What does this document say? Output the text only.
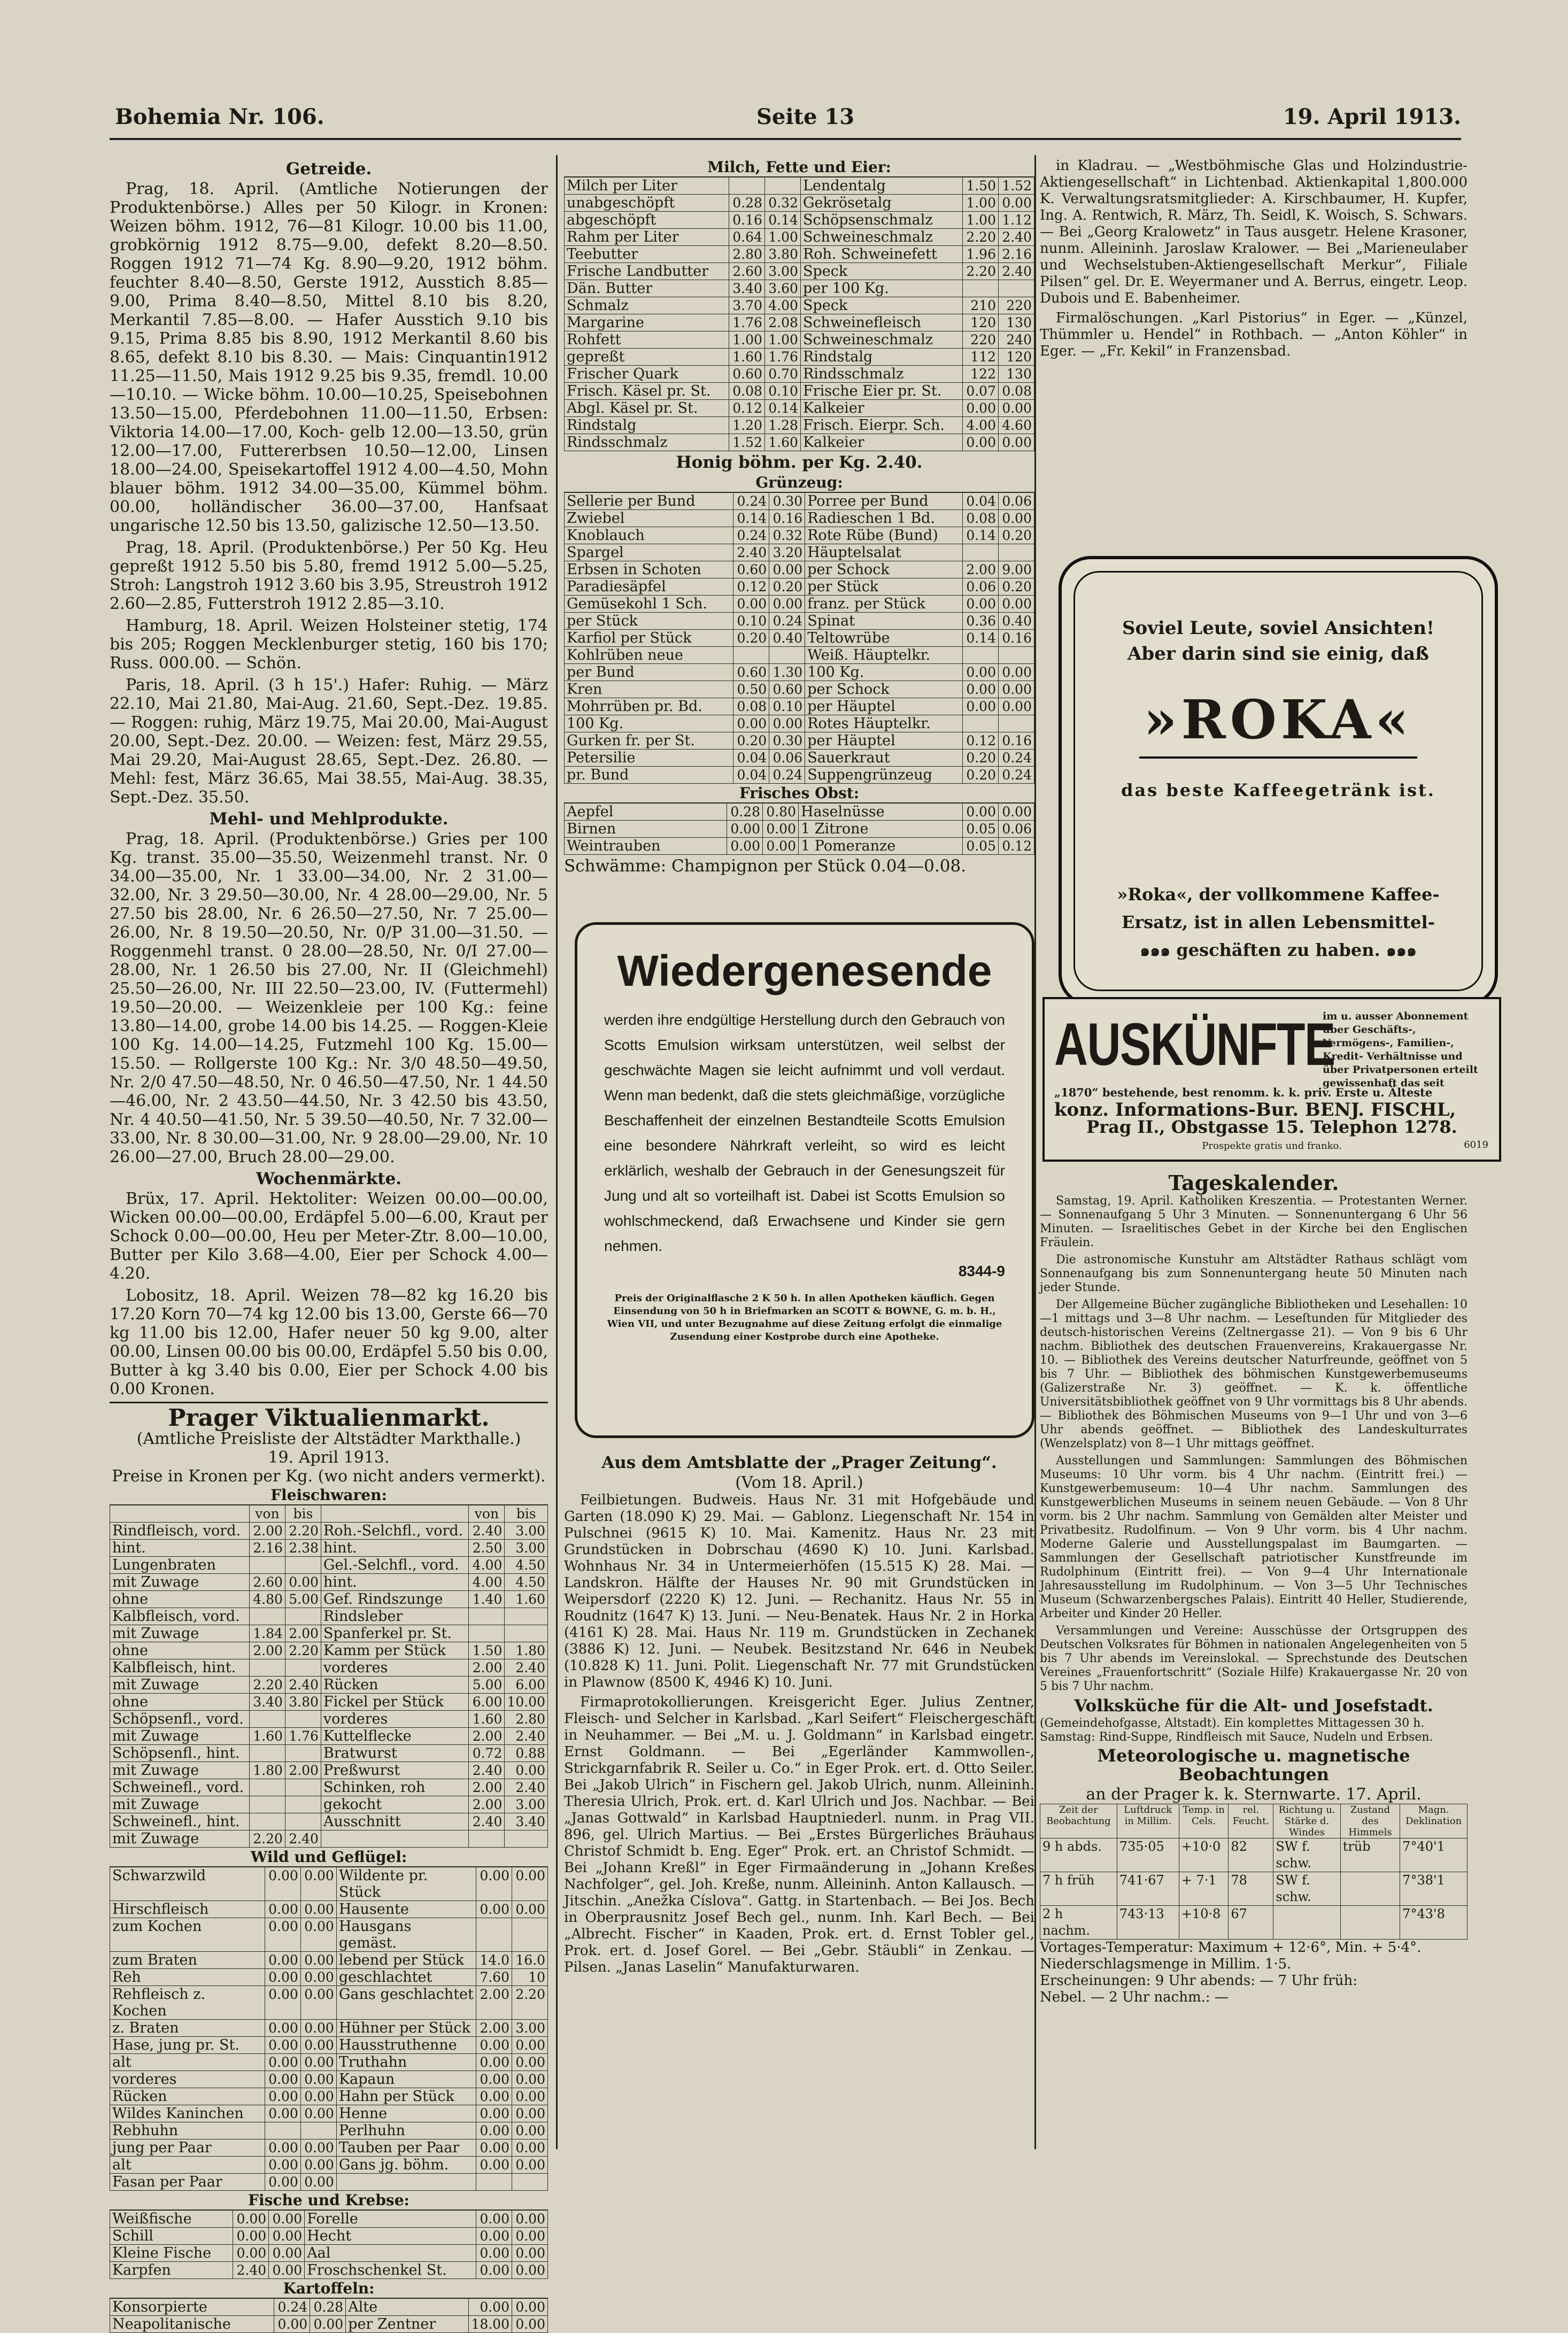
Bohemia Nr. 106.	Seite 13	19. April 1913.
Getreide.

Prag, 18. April. (Amtliche Notierungen der Produktenbörse.) Alles per 50 Kilogr. in Kronen: Weizen böhm. 1912, 76—81 Kilogr. 10.00 bis 11.00, grobkörnig 1912 8.75—9.00, defekt 8.20—8.50. Roggen 1912 71—74 Kg. 8.90—9.20, 1912 böhm. feuchter 8.40—8.50, Gerste 1912, Ausstich 8.85—9.00, Prima 8.40—8.50, Mittel 8.10 bis 8.20, Merkantil 7.85—8.00. — Hafer Ausstich 9.10 bis 9.15, Prima 8.85 bis 8.90, 1912 Merkantil 8.60 bis 8.65, defekt 8.10 bis 8.30. — Mais: Cinquantin1912 11.25—11.50, Mais 1912 9.25 bis 9.35, fremdl. 10.00—10.10. — Wicke böhm. 10.00—10.25, Speisebohnen 13.50—15.00, Pferdebohnen 11.00—11.50, Erbsen: Viktoria 14.00—17.00, Koch- gelb 12.00—13.50, grün 12.00—17.00, Futtererbsen 10.50—12.00, Linsen 18.00—24.00, Speisekartoffel 1912 4.00—4.50, Mohn blauer böhm. 1912 34.00—35.00, Kümmel böhm. 00.00, holländischer 36.00—37.00, Hanfsaat ungarische 12.50 bis 13.50, galizische 12.50—13.50.

Prag, 18. April. (Produktenbörse.) Per 50 Kg. Heu gepreßt 1912 5.50 bis 5.80, fremd 1912 5.00—5.25, Stroh: Langstroh 1912 3.60 bis 3.95, Streustroh 1912 2.60—2.85, Futterstroh 1912 2.85—3.10.

Hamburg, 18. April. Weizen Holsteiner stetig, 174 bis 205; Roggen Mecklenburger stetig, 160 bis 170; Russ. 000.00. — Schön.

Paris, 18. April. (3 h 15'.) Hafer: Ruhig. — März 22.10, Mai 21.80, Mai-Aug. 21.60, Sept.-Dez. 19.85. — Roggen: ruhig, März 19.75, Mai 20.00, Mai-August 20.00, Sept.-Dez. 20.00. — Weizen: fest, März 29.55, Mai 29.20, Mai-August 28.65, Sept.-Dez. 26.80. — Mehl: fest, März 36.65, Mai 38.55, Mai-Aug. 38.35, Sept.-Dez. 35.50.

Mehl- und Mehlprodukte.

Prag, 18. April. (Produktenbörse.) Gries per 100 Kg. transt. 35.00—35.50, Weizenmehl transt. Nr. 0 34.00—35.00, Nr. 1 33.00—34.00, Nr. 2 31.00—32.00, Nr. 3 29.50—30.00, Nr. 4 28.00—29.00, Nr. 5 27.50 bis 28.00, Nr. 6 26.50—27.50, Nr. 7 25.00—26.00, Nr. 8 19.50—20.50, Nr. 0/P 31.00—31.50. — Roggenmehl transt. 0 28.00—28.50, Nr. 0/I 27.00—28.00, Nr. 1 26.50 bis 27.00, Nr. II (Gleichmehl) 25.50—26.00, Nr. III 22.50—23.00, IV. (Futtermehl) 19.50—20.00. — Weizenkleie per 100 Kg.: feine 13.80—14.00, grobe 14.00 bis 14.25. — Roggen-Kleie 100 Kg. 14.00—14.25, Futzmehl 100 Kg. 15.00—15.50. — Rollgerste 100 Kg.: Nr. 3/0 48.50—49.50, Nr. 2/0 47.50—48.50, Nr. 0 46.50—47.50, Nr. 1 44.50—46.00, Nr. 2 43.50—44.50, Nr. 3 42.50 bis 43.50, Nr. 4 40.50—41.50, Nr. 5 39.50—40.50, Nr. 7 32.00—33.00, Nr. 8 30.00—31.00, Nr. 9 28.00—29.00, Nr. 10 26.00—27.00, Bruch 28.00—29.00.

Wochenmärkte.

Brüx, 17. April. Hektoliter: Weizen 00.00—00.00, Wicken 00.00—00.00, Erdäpfel 5.00—6.00, Kraut per Schock 0.00—00.00, Heu per Meter-Ztr. 8.00—10.00, Butter per Kilo 3.68—4.00, Eier per Schock 4.00—4.20.

Lobositz, 18. April. Weizen 78—82 kg 16.20 bis 17.20 Korn 70—74 kg 12.00 bis 13.00, Gerste 66—70 kg 11.00 bis 12.00, Hafer neuer 50 kg 9.00, alter 00.00, Linsen 00.00 bis 00.00, Erdäpfel 5.50 bis 0.00, Butter à kg 3.40 bis 0.00, Eier per Schock 4.00 bis 0.00 Kronen.

Prager Viktualienmarkt.
(Amtliche Preisliste der Altstädter Markthalle.)
19. April 1913.
Preise in Kronen per Kg. (wo nicht anders vermerkt).
Fleischwaren:
	von	bis		von	bis
Rindfleisch, vord.	2.00	2.20	Roh.-Selchfl., vord.	2.40	3.00
hint.	2.16	2.38	hint.	2.50	3.00
Lungenbraten			Gel.-Selchfl., vord.	4.00	4.50
mit Zuwage	2.60	0.00	hint.	4.00	4.50
ohne	4.80	5.00	Gef. Rindszunge	1.40	1.60
Kalbfleisch, vord.			Rindsleber		
mit Zuwage	1.84	2.00	Spanferkel pr. St.		
ohne	2.00	2.20	Kamm per Stück	1.50	1.80
Kalbfleisch, hint.			vorderes	2.00	2.40
mit Zuwage	2.20	2.40	Rücken	5.00	6.00
ohne	3.40	3.80	Fickel per Stück	6.00	10.00
Schöpsenfl., vord.			vorderes	1.60	2.80
mit Zuwage	1.60	1.76	Kuttelflecke	2.00	2.40
Schöpsenfl., hint.			Bratwurst	0.72	0.88
mit Zuwage	1.80	2.00	Preßwurst	2.40	0.00
Schweinefl., vord.			Schinken, roh	2.00	2.40
mit Zuwage			gekocht	2.00	3.00
Schweinefl., hint.			Ausschnitt	2.40	3.40
mit Zuwage	2.20	2.40			
Wild und Geflügel:
Schwarzwild	0.00	0.00	Wildente pr. Stück	0.00	0.00
Hirschfleisch	0.00	0.00	Hausente	0.00	0.00
zum Kochen	0.00	0.00	Hausgans gemäst.		
zum Braten	0.00	0.00	lebend per Stück	14.0	16.0
Reh	0.00	0.00	geschlachtet	7.60	10
Rehfleisch z. Kochen	0.00	0.00	Gans geschlachtet	2.00	2.20
z. Braten	0.00	0.00	Hühner per Stück	2.00	3.00
Hase, jung pr. St.	0.00	0.00	Hausstruthenne	0.00	0.00
alt	0.00	0.00	Truthahn	0.00	0.00
vorderes	0.00	0.00	Kapaun	0.00	0.00
Rücken	0.00	0.00	Hahn per Stück	0.00	0.00
Wildes Kaninchen	0.00	0.00	Henne	0.00	0.00
Rebhuhn			Perlhuhn	0.00	0.00
jung per Paar	0.00	0.00	Tauben per Paar	0.00	0.00
alt	0.00	0.00	Gans jg. böhm.	0.00	0.00
Fasan per Paar	0.00	0.00			
Fische und Krebse:
Weißfische	0.00	0.00	Forelle	0.00	0.00
Schill	0.00	0.00	Hecht	0.00	0.00
Kleine Fische	0.00	0.00	Aal	0.00	0.00
Karpfen	2.40	0.00	Froschschenkel St.	0.00	0.00
Kartoffeln:
Konsorpierte	0.24	0.28	Alte	0.00	0.00
Neapolitanische	0.00	0.00	per Zentner	18.00	0.00
Milch, Fette und Eier:
Milch per Liter			Lendentalg	1.50	1.52
unabgeschöpft	0.28	0.32	Gekrösetalg	1.00	0.00
abgeschöpft	0.16	0.14	Schöpsenschmalz	1.00	1.12
Rahm per Liter	0.64	1.00	Schweineschmalz	2.20	2.40
Teebutter	2.80	3.80	Roh. Schweinefett	1.96	2.16
Frische Landbutter	2.60	3.00	Speck	2.20	2.40
Dän. Butter	3.40	3.60	per 100 Kg.		
Schmalz	3.70	4.00	Speck	210	220
Margarine	1.76	2.08	Schweinefleisch	120	130
Rohfett	1.00	1.00	Schweineschmalz	220	240
gepreßt	1.60	1.76	Rindstalg	112	120
Frischer Quark	0.60	0.70	Rindsschmalz	122	130
Frisch. Käsel pr. St.	0.08	0.10	Frische Eier pr. St.	0.07	0.08
Abgl. Käsel pr. St.	0.12	0.14	Kalkeier	0.00	0.00
Rindstalg	1.20	1.28	Frisch. Eierpr. Sch.	4.00	4.60
Rindsschmalz	1.52	1.60	Kalkeier	0.00	0.00
Honig böhm. per Kg. 2.40.
Grünzeug:
Sellerie per Bund	0.24	0.30	Porree per Bund	0.04	0.06
Zwiebel	0.14	0.16	Radieschen 1 Bd.	0.08	0.00
Knoblauch	0.24	0.32	Rote Rübe (Bund)	0.14	0.20
Spargel	2.40	3.20	Häuptelsalat		
Erbsen in Schoten	0.60	0.00	per Schock	2.00	9.00
Paradiesäpfel	0.12	0.20	per Stück	0.06	0.20
Gemüsekohl 1 Sch.	0.00	0.00	franz. per Stück	0.00	0.00
per Stück	0.10	0.24	Spinat	0.36	0.40
Karfiol per Stück	0.20	0.40	Teltowrübe	0.14	0.16
Kohlrüben neue			Weiß. Häuptelkr.		
per Bund	0.60	1.30	100 Kg.	0.00	0.00
Kren	0.50	0.60	per Schock	0.00	0.00
Mohrrüben pr. Bd.	0.08	0.10	per Häuptel	0.00	0.00
100 Kg.	0.00	0.00	Rotes Häuptelkr.		
Gurken fr. per St.	0.20	0.30	per Häuptel	0.12	0.16
Petersilie	0.04	0.06	Sauerkraut	0.20	0.24
pr. Bund	0.04	0.24	Suppengrünzeug	0.20	0.24
Frisches Obst:
Aepfel	0.28	0.80	Haselnüsse	0.00	0.00
Birnen	0.00	0.00	1 Zitrone	0.05	0.06
Weintrauben	0.00	0.00	1 Pomeranze	0.05	0.12
Schwämme: Champignon per Stück 0.04—0.08.
Wiedergenesende
werden ihre endgültige Herstellung durch den Gebrauch von Scotts Emulsion wirksam unterstützen, weil selbst der geschwächte Magen sie leicht aufnimmt und voll verdaut. Wenn man bedenkt, daß die stets gleichmäßige, vorzügliche Beschaffenheit der einzelnen Bestandteile Scotts Emulsion eine besondere Nährkraft verleiht, so wird es leicht erklärlich, weshalb der Gebrauch in der Genesungszeit für Jung und alt so vorteilhaft ist. Dabei ist Scotts Emulsion so wohlschmeckend, daß Erwachsene und Kinder sie gern nehmen.
8344-9
Preis der Originalflasche 2 K 50 h. In allen Apotheken käuflich. Gegen Einsendung von 50 h in Briefmarken an SCOTT & BOWNE, G. m. b. H., Wien VII, und unter Bezugnahme auf diese Zeitung erfolgt die einmalige Zusendung einer Kostprobe durch eine Apotheke.
Aus dem Amtsblatte der „Prager Zeitung“.
(Vom 18. April.)

Feilbietungen. Budweis. Haus Nr. 31 mit Hofgebäude und Garten (18.090 K) 29. Mai. — Gablonz. Liegenschaft Nr. 154 in Pulschnei (9615 K) 10. Mai. Kamenitz. Haus Nr. 23 mit Grundstücken in Dobrschau (4690 K) 10. Juni. Karlsbad. Wohnhaus Nr. 34 in Untermeierhöfen (15.515 K) 28. Mai. — Landskron. Hälfte der Hauses Nr. 90 mit Grundstücken in Weipersdorf (2220 K) 12. Juni. — Rechanitz. Haus Nr. 55 in Roudnitz (1647 K) 13. Juni. — Neu-Benatek. Haus Nr. 2 in Horka (4161 K) 28. Mai. Haus Nr. 119 m. Grundstücken in Zechanek (3886 K) 12. Juni. — Neubek. Besitzstand Nr. 646 in Neubek (10.828 K) 11. Juni. Polit. Liegenschaft Nr. 77 mit Grundstücken in Plawnow (8500 K, 4946 K) 10. Juni.

Firmaprotokollierungen. Kreisgericht Eger. Julius Zentner, Fleisch- und Selcher in Karlsbad. „Karl Seifert“ Fleischergeschäft in Neuhammer. — Bei „M. u. J. Goldmann“ in Karlsbad eingetr. Ernst Goldmann. — Bei „Egerländer Kammwollen-, Strickgarnfabrik R. Seiler u. Co.“ in Eger Prok. ert. d. Otto Seiler. Bei „Jakob Ulrich“ in Fischern gel. Jakob Ulrich, nunm. Alleininh. Theresia Ulrich, Prok. ert. d. Karl Ulrich und Jos. Nachbar. — Bei „Janas Gottwald“ in Karlsbad Hauptniederl. nunm. in Prag VII. 896, gel. Ulrich Martius. — Bei „Erstes Bürgerliches Bräuhaus Christof Schmidt b. Eng. Eger“ Prok. ert. an Christof Schmidt. — Bei „Johann Kreßl“ in Eger Firmaänderung in „Johann Kreßes Nachfolger“, gel. Joh. Kreße, nunm. Alleininh. Anton Kallausch. — Jitschin. „Anežka Císlova“. Gattg. in Startenbach. — Bei Jos. Bech in Oberprausnitz Josef Bech gel., nunm. Inh. Karl Bech. — Bei „Albrecht. Fischer“ in Kaaden, Prok. ert. d. Ernst Tobler gel., Prok. ert. d. Josef Gorel. — Bei „Gebr. Stäubli“ in Zenkau. — Pilsen. „Janas Laselin“ Manufakturwaren.

in Kladrau. — „Westböhmische Glas und Holzindustrie-Aktiengesellschaft“ in Lichtenbad. Aktienkapital 1,800.000 K. Verwaltungsratsmitglieder: A. Kirschbaumer, H. Kupfer, Ing. A. Rentwich, R. März, Th. Seidl, K. Woisch, S. Schwars. — Bei „Georg Kralowetz“ in Taus ausgetr. Helene Krasoner, nunm. Alleininh. Jaroslaw Kralower. — Bei „Marieneulaber und Wechselstuben-Aktiengesellschaft Merkur“, Filiale Pilsen“ gel. Dr. E. Weyermaner und A. Berrus, eingetr. Leop. Dubois und E. Babenheimer.

Firmalöschungen. „Karl Pistorius“ in Eger. — „Künzel, Thümmler u. Hendel“ in Rothbach. — „Anton Köhler“ in Eger. — „Fr. Kekil“ in Franzensbad.

Soviel Leute, soviel Ansichten!
Aber darin sind sie einig, daß
»ROKA«
das beste Kaffeegetränk ist.
»Roka«, der vollkommene Kaffee-
Ersatz, ist in allen Lebensmittel-
๑๑๑ geschäften zu haben. ๑๑๑
AUSKÜNFTE
im u. ausser Abonnement über Geschäfts-, Vermögens-, Familien-, Kredit- Verhältnisse und über Privatpersonen erteilt gewissenhaft das seit
„1870“ bestehende, best renomm. k. k. priv. Erste u. Älteste
konz. Informations-Bur. BENJ. FISCHL,
Prag II., Obstgasse 15. Telephon 1278.
6019
Prospekte gratis und franko.
Tageskalender.

Samstag, 19. April. Katholiken Kreszentia. — Protestanten Werner. — Sonnenaufgang 5 Uhr 3 Minuten. — Sonnenuntergang 6 Uhr 56 Minuten. — Israelitisches Gebet in der Kirche bei den Englischen Fräulein.

Die astronomische Kunstuhr am Altstädter Rathaus schlägt vom Sonnenaufgang bis zum Sonnenuntergang heute 50 Minuten nach jeder Stunde.

Der Allgemeine Bücher zugängliche Bibliotheken und Lesehallen: 10—1 mittags und 3—8 Uhr nachm. — Leseſtunden für Mitglieder des deutsch-historischen Vereins (Zeltnergasse 21). — Von 9 bis 6 Uhr nachm. Bibliothek des deutschen Frauenvereins, Krakauergasse Nr. 10. — Bibliothek des Vereins deutscher Naturfreunde, geöffnet von 5 bis 7 Uhr. — Bibliothek des böhmischen Kunstgewerbemuseums (Galizerstraße Nr. 3) geöffnet. — K. k. öffentliche Universitätsbibliothek geöffnet von 9 Uhr vormittags bis 8 Uhr abends. — Bibliothek des Böhmischen Museums von 9—1 Uhr und von 3—6 Uhr abends geöffnet. — Bibliothek des Landeskulturrates (Wenzelsplatz) von 8—1 Uhr mittags geöffnet.

Ausstellungen und Sammlungen: Sammlungen des Böhmischen Museums: 10 Uhr vorm. bis 4 Uhr nachm. (Eintritt frei.) — Kunstgewerbemuseum: 10—4 Uhr nachm. Sammlungen des Kunstgewerblichen Museums in seinem neuen Gebäude. — Von 8 Uhr vorm. bis 2 Uhr nachm. Sammlung von Gemälden alter Meister und Privatbesitz. Rudolfinum. — Von 9 Uhr vorm. bis 4 Uhr nachm. Moderne Galerie und Ausstellungspalast im Baumgarten. — Sammlungen der Gesellschaft patriotischer Kunstfreunde im Rudolphinum (Eintritt frei). — Von 9—4 Uhr Internationale Jahresausstellung im Rudolphinum. — Von 3—5 Uhr Technisches Museum (Schwarzenbergsches Palais). Eintritt 40 Heller, Studierende, Arbeiter und Kinder 20 Heller.

Versammlungen und Vereine: Ausschüsse der Ortsgruppen des Deutschen Volksrates für Böhmen in nationalen Angelegenheiten von 5 bis 7 Uhr abends im Vereinslokal. — Sprechstunde des Deutschen Vereines „Frauenfortschritt“ (Soziale Hilfe) Krakauergasse Nr. 20 von 5 bis 7 Uhr nachm.

Volksküche für die Alt- und Josefstadt.
(Gemeindehofgasse, Altstadt). Ein komplettes Mittagessen 30 h. Samstag: Rind-Suppe, Rindfleisch mit Sauce, Nudeln und Erbsen.
Meteorologische u. magnetische Beobachtungen
an der Prager k. k. Sternwarte. 17. April.
Zeit der Beobachtung	Luftdruck in Millim.	Temp. in Cels.	rel. Feucht.	Richtung u. Stärke d. Windes	Zustand des Himmels	Magn. Deklination
9 h abds.	735·05	+10·0	82	SW f. schw.	trüb	7°40'1
7 h früh	741·67	+ 7·1	78	SW f. schw.		7°38'1
2 h nachm.	743·13	+10·8	67			7°43'8
Vortages-Temperatur: Maximum + 12·6°, Min. + 5·4°.
Niederschlagsmenge in Millim. 1·5.
Erscheinungen: 9 Uhr abends: — 7 Uhr früh:
Nebel. — 2 Uhr nachm.: —
